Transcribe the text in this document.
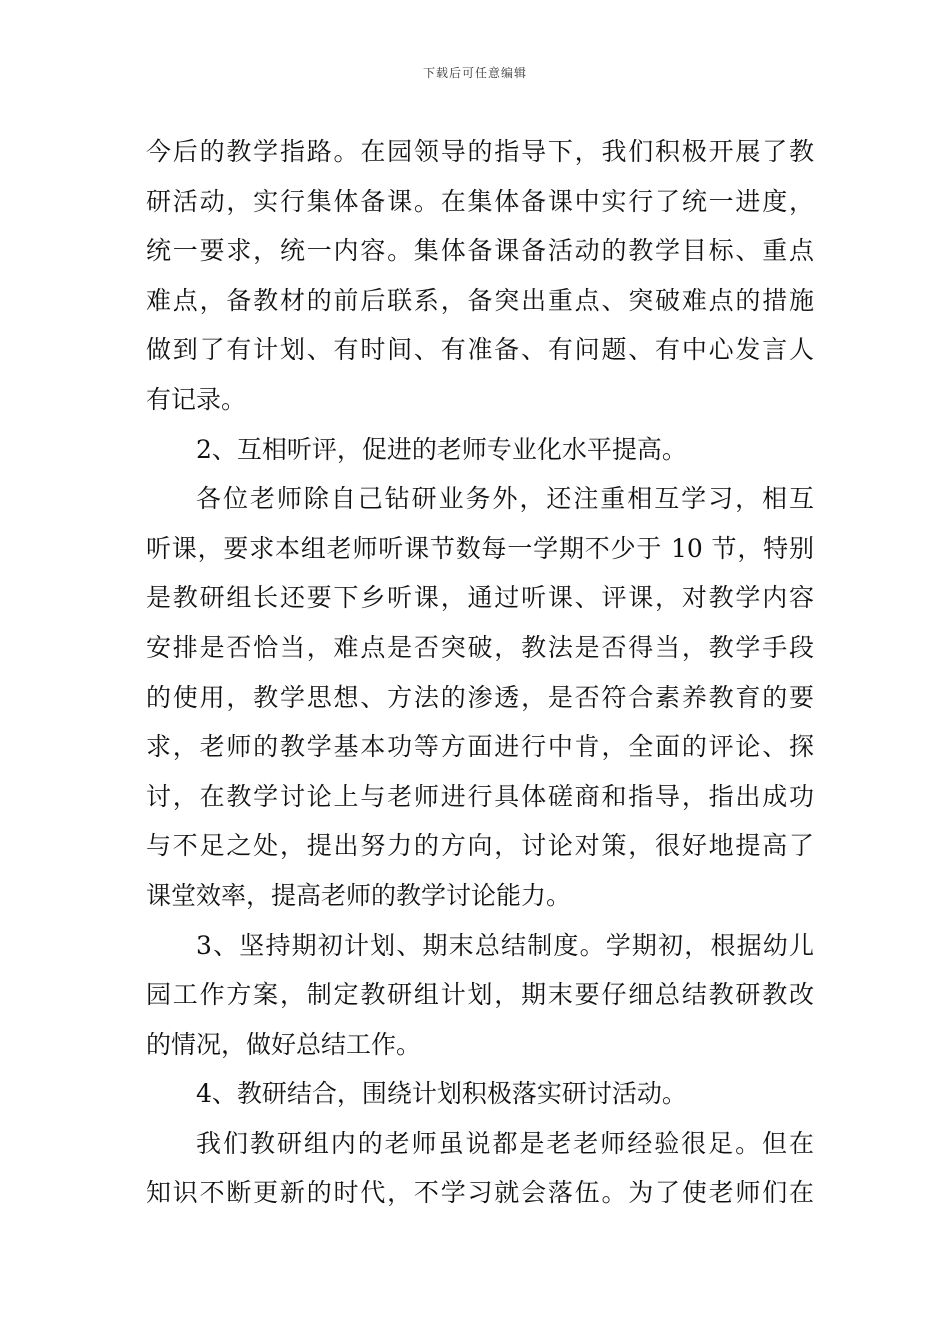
下载后可任意编辑
今后的教学指路。在园领导的指导下，我们积极开展了教
研活动，实行集体备课。在集体备课中实行了统一进度，
统一要求，统一内容。集体备课备活动的教学目标、重点
难点，备教材的前后联系，备突出重点、突破难点的措施
做到了有计划、有时间、有准备、有问题、有中心发言人
有记录。
2、互相听评，促进的老师专业化水平提高。
各位老师除自己钻研业务外，还注重相互学习，相互
听课，要求本组老师听课节数每一学期不少于 10 节，特别
是教研组长还要下乡听课，通过听课、评课，对教学内容
安排是否恰当，难点是否突破，教法是否得当，教学手段
的使用，教学思想、方法的渗透，是否符合素养教育的要
求，老师的教学基本功等方面进行中肯，全面的评论、探
讨，在教学讨论上与老师进行具体磋商和指导，指出成功
与不足之处，提出努力的方向，讨论对策，很好地提高了
课堂效率，提高老师的教学讨论能力。
3、坚持期初计划、期末总结制度。学期初，根据幼儿
园工作方案，制定教研组计划，期末要仔细总结教研教改
的情况，做好总结工作。
4、教研结合，围绕计划积极落实研讨活动。
我们教研组内的老师虽说都是老老师经验很足。但在
知识不断更新的时代，不学习就会落伍。为了使老师们在
